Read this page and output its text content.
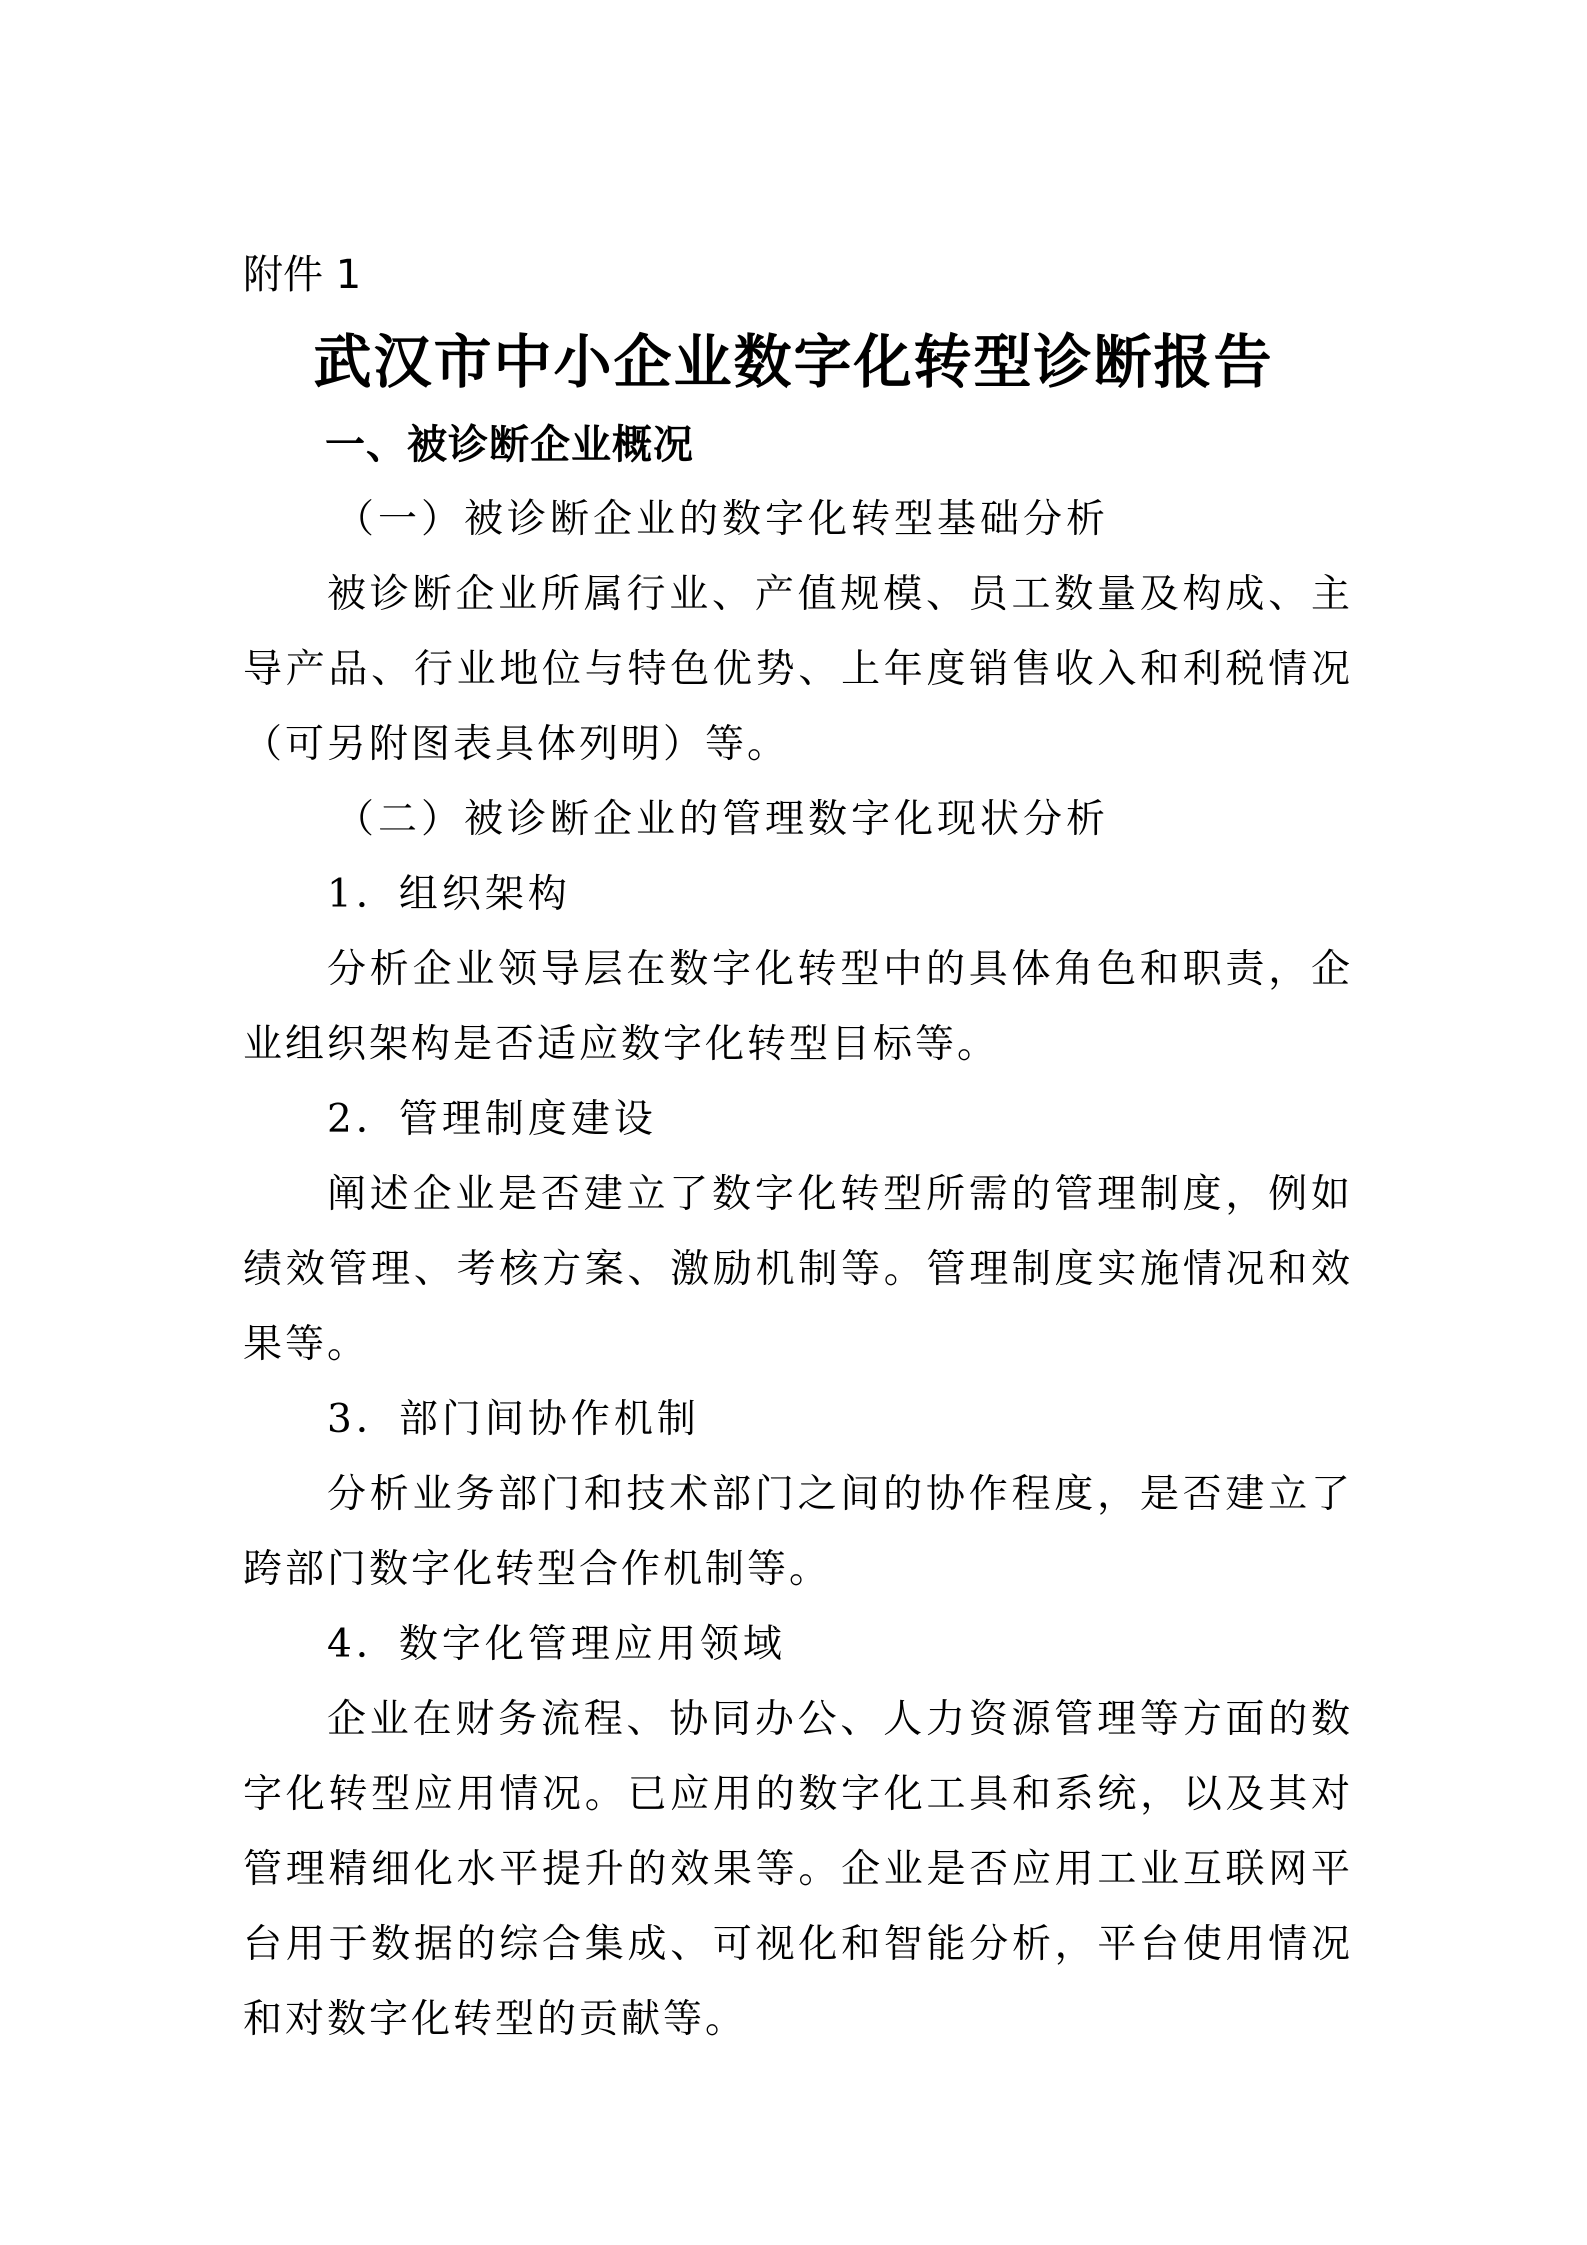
附件 1
武汉市中小企业数字化转型诊断报告
一、被诊断企业概况
（一）被诊断企业的数字化转型基础分析

被诊断企业所属行业、产值规模、员工数量及构成、主导产品、行业地位与特色优势、上年度销售收入和利税情况（可另附图表具体列明）等。

（二）被诊断企业的管理数字化现状分析
1．组织架构

分析企业领导层在数字化转型中的具体角色和职责，企业组织架构是否适应数字化转型目标等。

2．管理制度建设

阐述企业是否建立了数字化转型所需的管理制度，例如绩效管理、考核方案、激励机制等。管理制度实施情况和效果等。

3．部门间协作机制

分析业务部门和技术部门之间的协作程度，是否建立了跨部门数字化转型合作机制等。

4．数字化管理应用领域

企业在财务流程、协同办公、人力资源管理等方面的数字化转型应用情况。已应用的数字化工具和系统，以及其对管理精细化水平提升的效果等。企业是否应用工业互联网平台用于数据的综合集成、可视化和智能分析，平台使用情况和对数字化转型的贡献等。
